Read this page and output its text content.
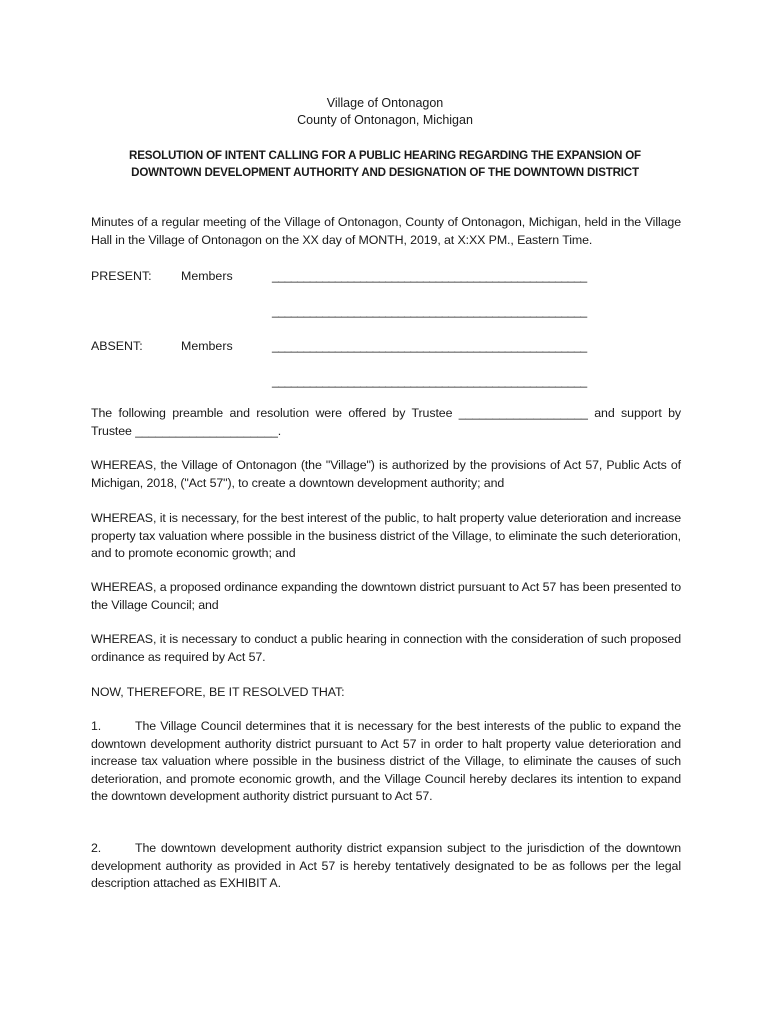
Village of Ontonagon
County of Ontonagon, Michigan
RESOLUTION OF INTENT CALLING FOR A PUBLIC HEARING REGARDING THE EXPANSION OF
DOWNTOWN DEVELOPMENT AUTHORITY AND DESIGNATION OF THE DOWNTOWN DISTRICT
Minutes of a regular meeting of the Village of Ontonagon, County of Ontonagon, Michigan, held in the Village Hall in the Village of Ontonagon on the XX day of MONTH, 2019, at X:XX PM., Eastern Time.
PRESENT: Members	__________________________________________________
__________________________________________________
ABSENT:	Members	__________________________________________________
__________________________________________________
The following preamble and resolution were offered by Trustee ___________________ and support by Trustee _____________________.
WHEREAS, the Village of Ontonagon (the "Village") is authorized by the provisions of Act 57, Public Acts of Michigan, 2018, ("Act 57"), to create a downtown development authority; and
WHEREAS, it is necessary, for the best interest of the public, to halt property value deterioration and increase property tax valuation where possible in the business district of the Village, to eliminate the such deterioration, and to promote economic growth; and
WHEREAS, a proposed ordinance expanding the downtown district pursuant to Act 57 has been presented to the Village Council; and
WHEREAS, it is necessary to conduct a public hearing in connection with the consideration of such proposed ordinance as required by Act 57.
NOW, THEREFORE, BE IT RESOLVED THAT:
1.	The Village Council determines that it is necessary for the best interests of the public to expand the downtown development authority district pursuant to Act 57 in order to halt property value deterioration and increase tax valuation where possible in the business district of the Village, to eliminate the causes of such deterioration, and promote economic growth, and the Village Council hereby declares its intention to expand the downtown development authority district pursuant to Act 57.
2.	The downtown development authority district expansion subject to the jurisdiction of the downtown development authority as provided in Act 57 is hereby tentatively designated to be as follows per the legal description attached as EXHIBIT A.
